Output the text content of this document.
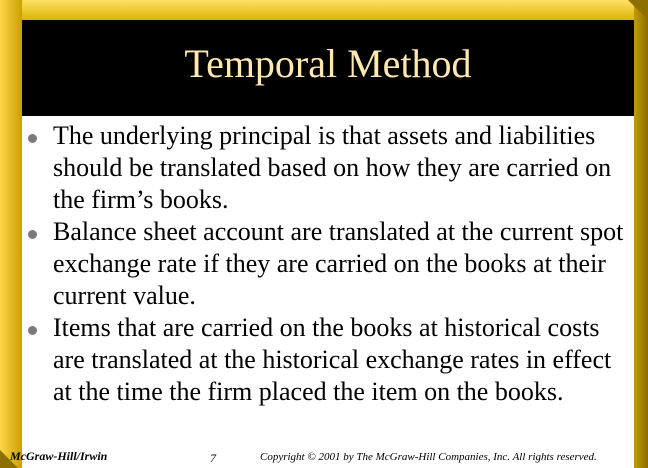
Temporal Method

The underlying principal is that assets and liabilities should be translated based on how they are carried on the firm’s books.

Balance sheet account are translated at the current spot exchange rate if they are carried on the books at their current value.

Items that are carried on the books at historical costs are translated at the historical exchange rates in effect at the time the firm placed the item on the books.

McGraw-Hill/Irwin	7	Copyright © 2001 by The McGraw-Hill Companies, Inc. All rights reserved.
